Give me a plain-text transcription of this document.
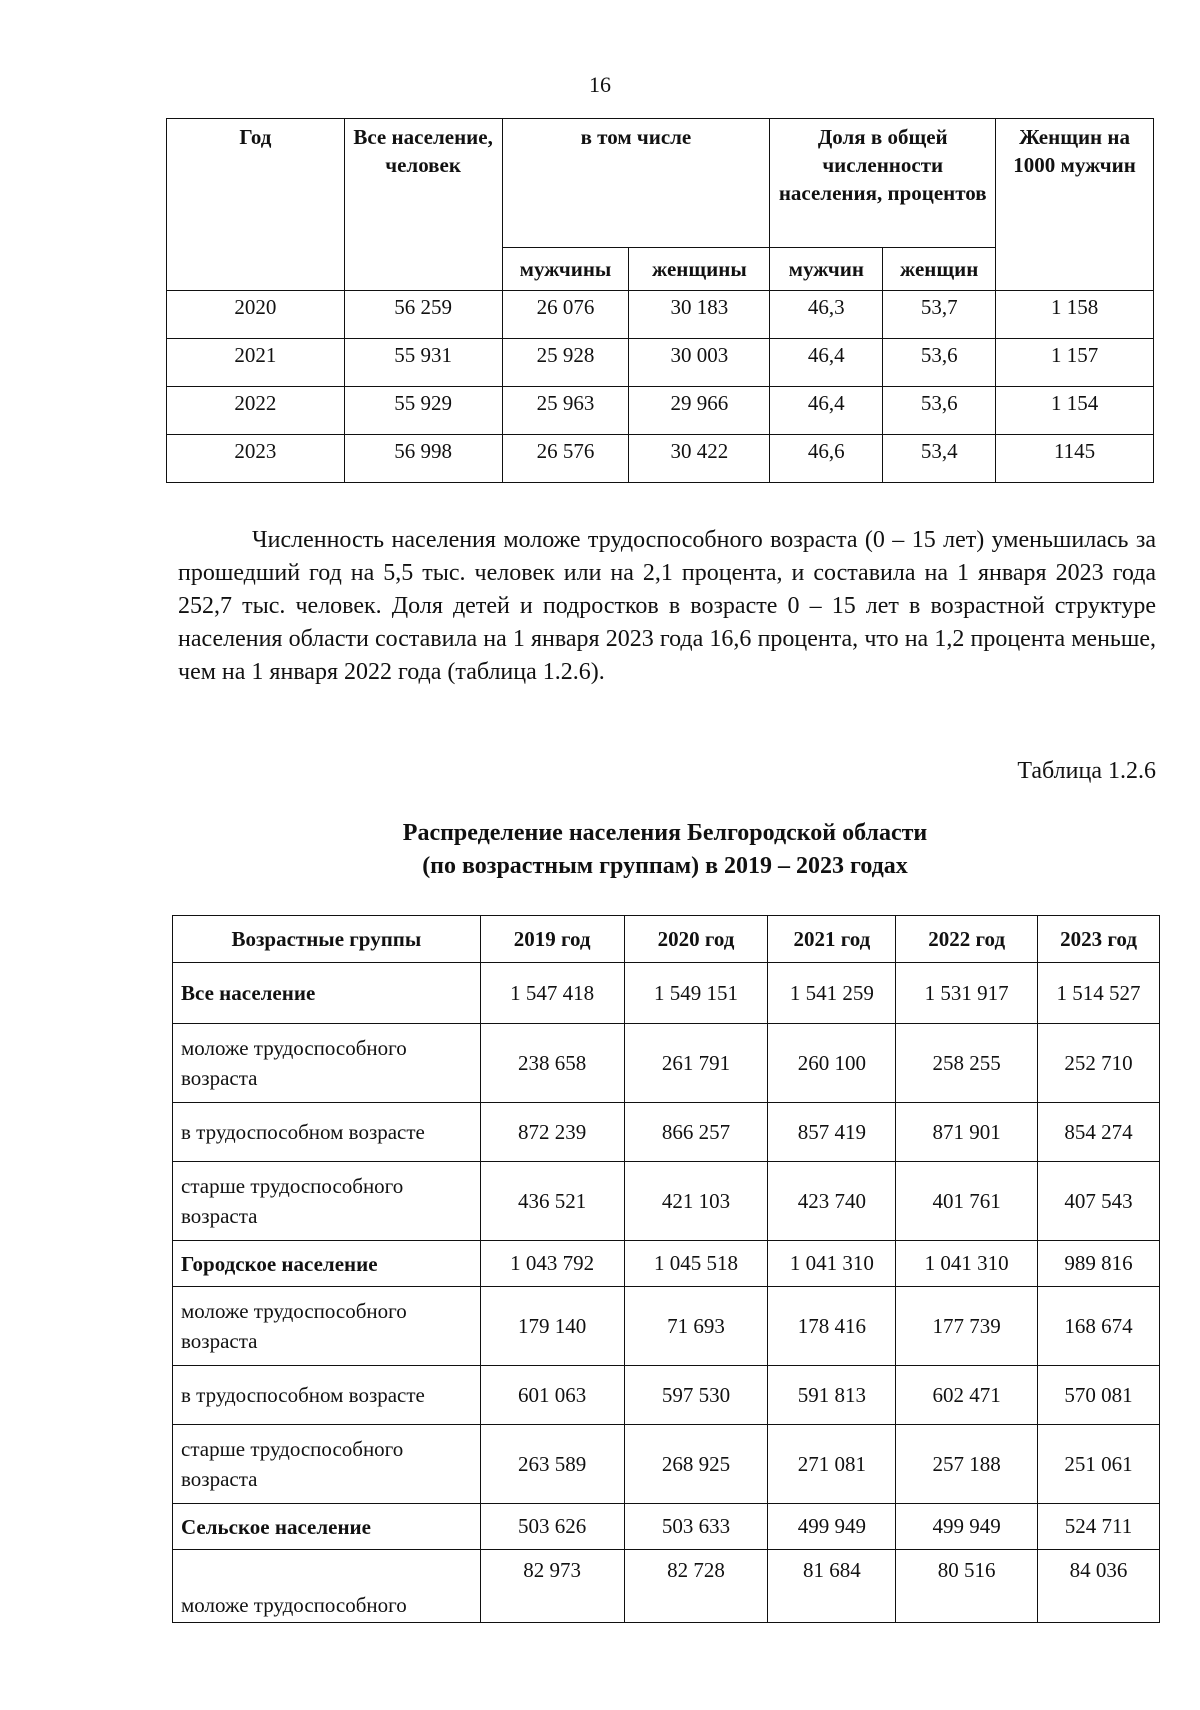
16
Год	Все население, человек	в том числе		Доля в общей численности населения, процентов		Женщин на 1000 мужчин
		мужчины	женщины	мужчин	женщин	
2020	56 259	26 076	30 183	46,3	53,7	1 158
2021	55 931	25 928	30 003	46,4	53,6	1 157
2022	55 929	25 963	29 966	46,4	53,6	1 154
2023	56 998	26 576	30 422	46,6	53,4	1145

Численность населения моложе трудоспособного возраста (0 – 15 лет) уменьшилась за прошедший год на 5,5 тыс. человек или на 2,1 процента, и составила на 1 января 2023 года 252,7 тыс. человек. Доля детей и подростков в возрасте 0 – 15 лет в возрастной структуре населения области составила на 1 января 2023 года 16,6 процента, что на 1,2 процента меньше, чем на 1 января 2022 года (таблица 1.2.6).

Таблица 1.2.6
Распределение населения Белгородской области
(по возрастным группам) в 2019 – 2023 годах
Возрастные группы	2019 год	2020 год	2021 год	2022 год	2023 год
Все население	1 547 418	1 549 151	1 541 259	1 531 917	1 514 527
моложе трудоспособного возраста	238 658	261 791	260 100	258 255	252 710
в трудоспособном возрасте	872 239	866 257	857 419	871 901	854 274
старше трудоспособного возраста	436 521	421 103	423 740	401 761	407 543
Городское население	1 043 792	1 045 518	1 041 310	1 041 310	989 816
моложе трудоспособного возраста	179 140	71 693	178 416	177 739	168 674
в трудоспособном возрасте	601 063	597 530	591 813	602 471	570 081
старше трудоспособного возраста	263 589	268 925	271 081	257 188	251 061
Сельское население	503 626	503 633	499 949	499 949	524 711
моложе трудоспособного	82 973	82 728	81 684	80 516	84 036
